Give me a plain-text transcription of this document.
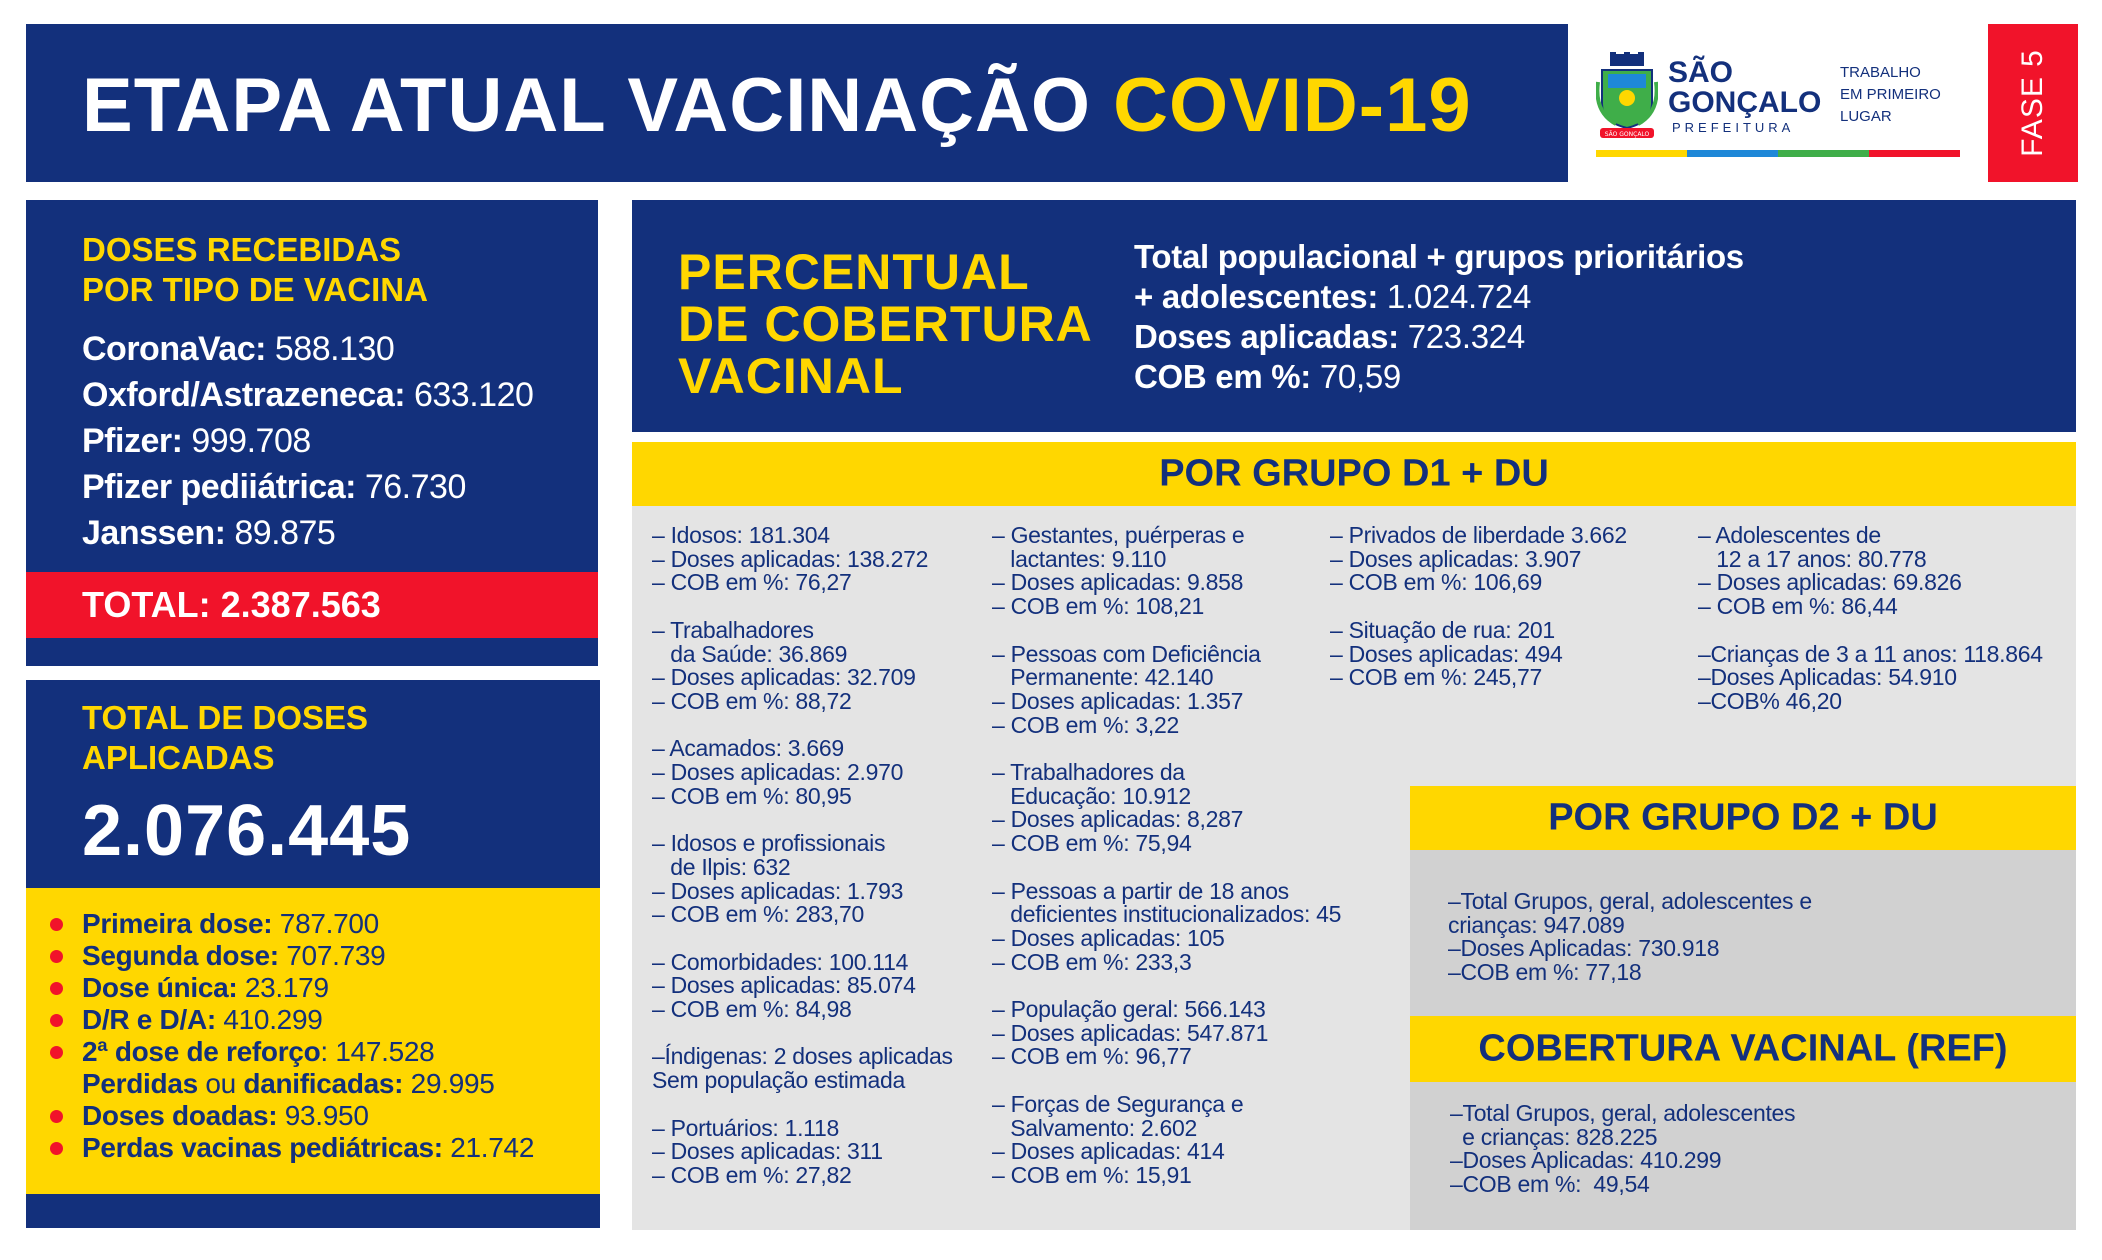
ETAPA ATUAL VACINAÇÃO COVID-19	SÃO GONÇALO
SÃO
GONÇALO
PREFEITURA
TRABALHO
EM PRIMEIRO
LUGAR	FASE 5
DOSES RECEBIDAS
POR TIPO DE VACINA
CoronaVac: 588.130
Oxford/Astrazeneca: 633.120
Pfizer: 999.708
Pfizer pediiátrica: 76.730
Janssen: 89.875
TOTAL: 2.387.563
TOTAL DE DOSES
APLICADAS
2.076.445
Primeira dose: 787.700
Segunda dose: 707.739
Dose única: 23.179
D/R e D/A: 410.299
2ª dose de reforço: 147.528
Perdidas ou danificadas: 29.995
Doses doadas: 93.950
Perdas vacinas pediátricas: 21.742
PERCENTUAL
DE COBERTURA
VACINAL
Total populacional + grupos prioritários
+ adolescentes: 1.024.724
Doses aplicadas: 723.324
COB em %: 70,59
POR GRUPO D1 + DU
– Idosos: 181.304
– Doses aplicadas: 138.272
– COB em %: 76,27

– Trabalhadores
da Saúde: 36.869
– Doses aplicadas: 32.709
– COB em %: 88,72

– Acamados: 3.669
– Doses aplicadas: 2.970
– COB em %: 80,95

– Idosos e profissionais
de Ilpis: 632
– Doses aplicadas: 1.793
– COB em %: 283,70

– Comorbidades: 100.114
– Doses aplicadas: 85.074
– COB em %: 84,98

–Índigenas: 2 doses aplicadas
Sem população estimada

– Portuários: 1.118
– Doses aplicadas: 311
– COB em %: 27,82
– Gestantes, puérperas e
lactantes: 9.110
– Doses aplicadas: 9.858
– COB em %: 108,21

– Pessoas com Deficiência
Permanente: 42.140
– Doses aplicadas: 1.357
– COB em %: 3,22

– Trabalhadores da
Educação: 10.912
– Doses aplicadas: 8,287
– COB em %: 75,94

– Pessoas a partir de 18 anos
deficientes institucionalizados: 45
– Doses aplicadas: 105
– COB em %: 233,3

– População geral: 566.143
– Doses aplicadas: 547.871
– COB em %: 96,77

– Forças de Segurança e
Salvamento: 2.602
– Doses aplicadas: 414
– COB em %: 15,91
– Privados de liberdade 3.662
– Doses aplicadas: 3.907
– COB em %: 106,69

– Situação de rua: 201
– Doses aplicadas: 494
– COB em %: 245,77
– Adolescentes de
12 a 17 anos: 80.778
– Doses aplicadas: 69.826
– COB em %: 86,44

–Crianças de 3 a 11 anos: 118.864
–Doses Aplicadas: 54.910
–COB% 46,20
POR GRUPO D2 + DU
–Total Grupos, geral, adolescentes e
crianças: 947.089
–Doses Aplicadas: 730.918
–COB em %: 77,18
COBERTURA VACINAL (REF)
–Total Grupos, geral, adolescentes
e crianças: 828.225
–Doses Aplicadas: 410.299
–COB em %:  49,54
